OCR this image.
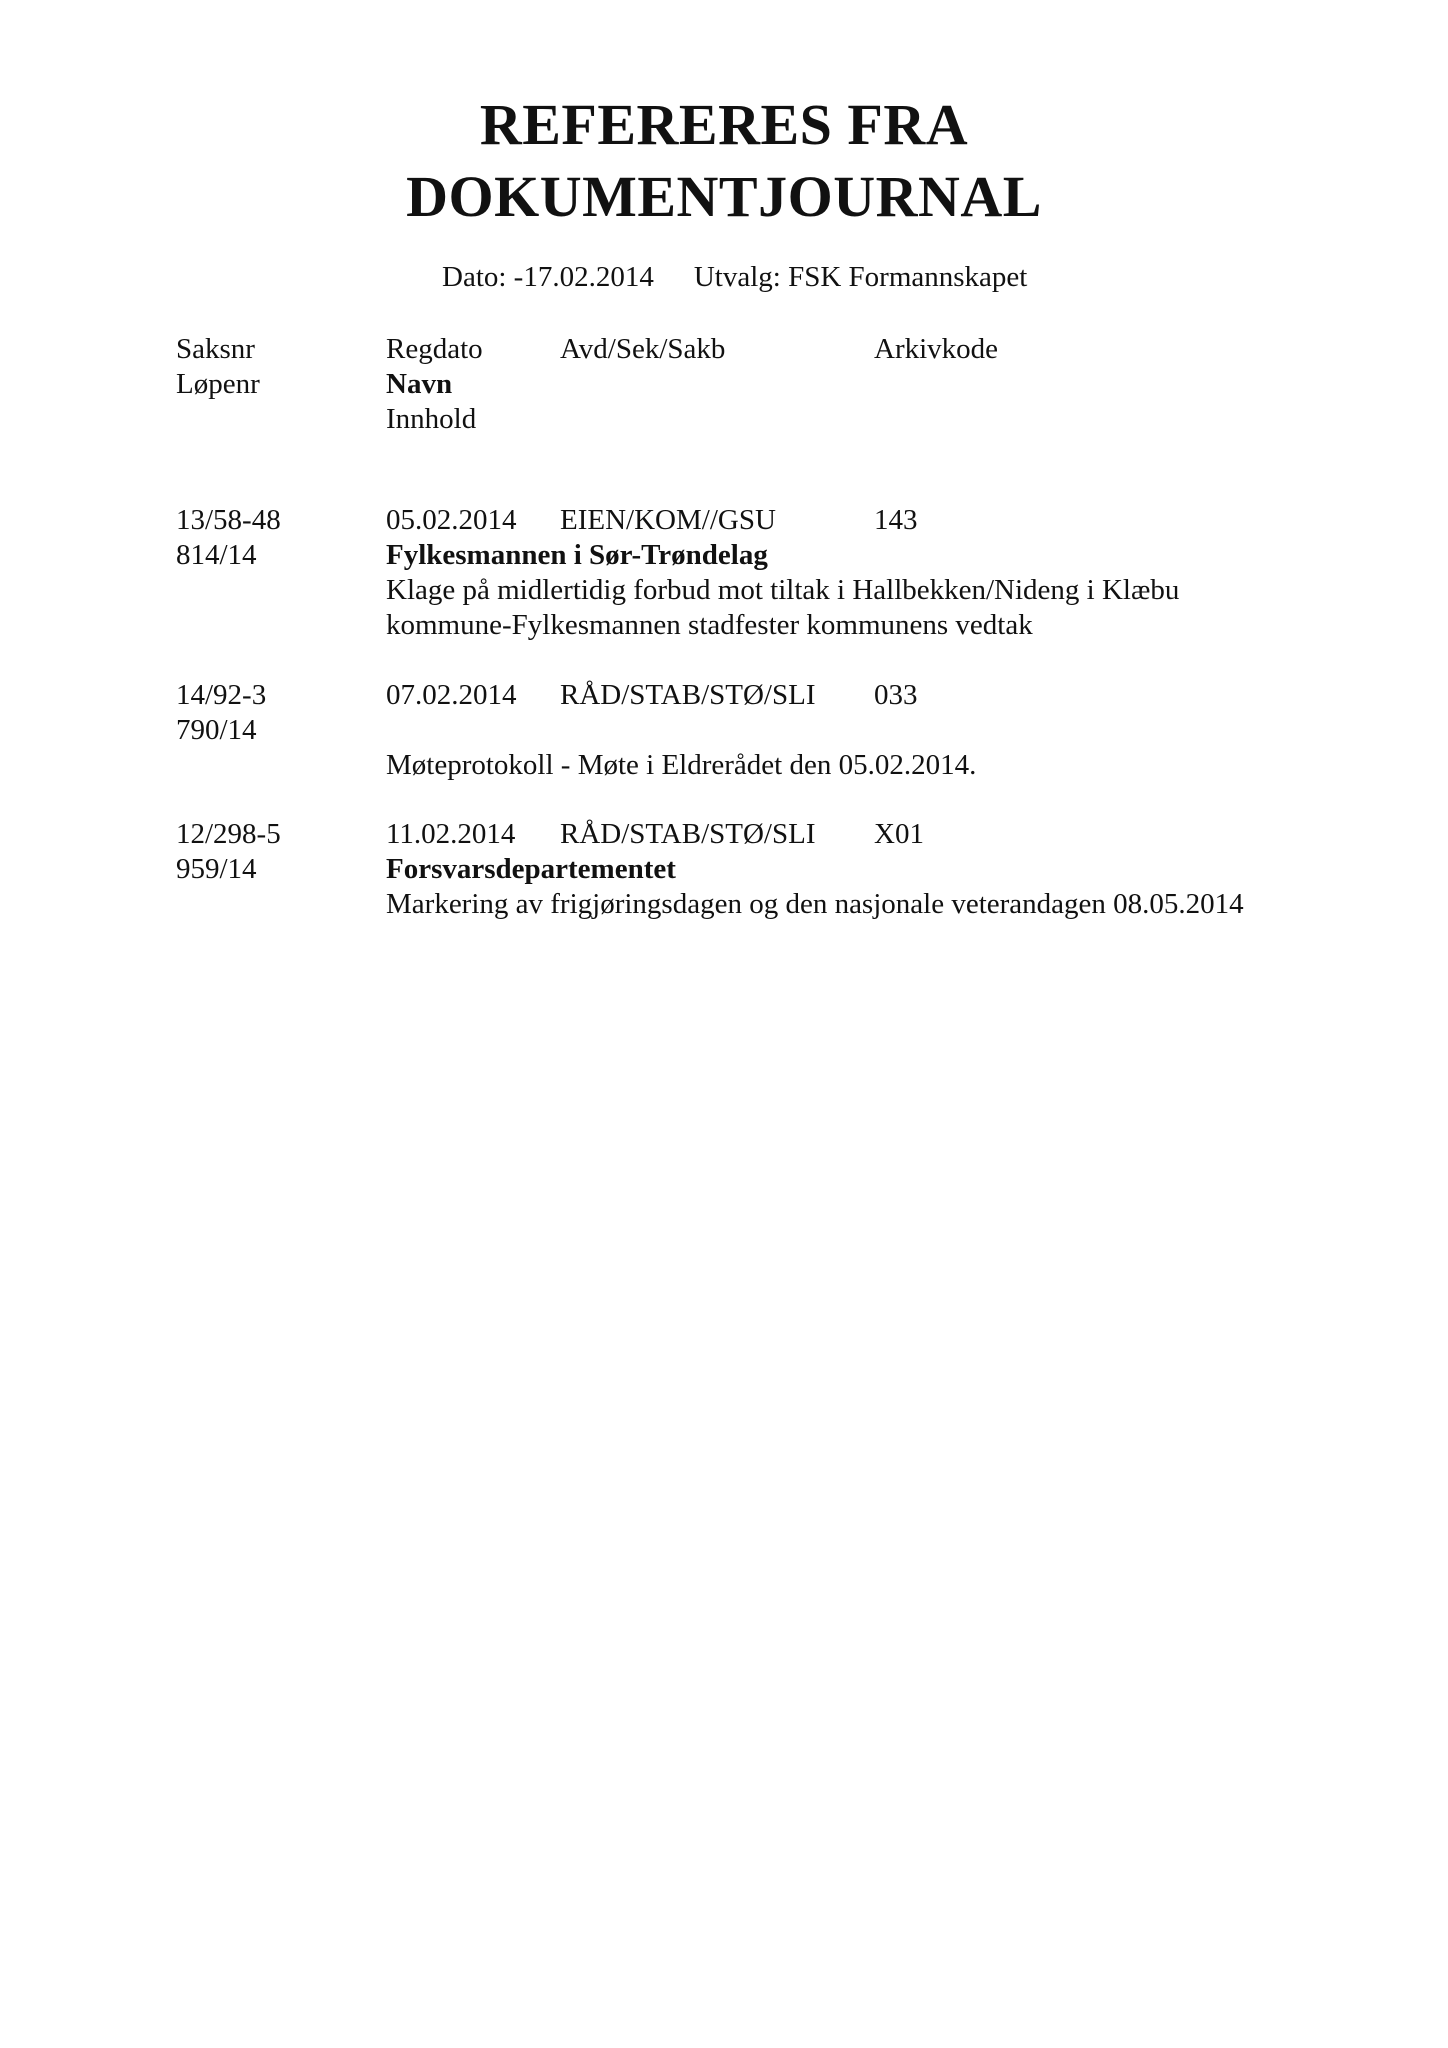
REFERERES FRA
DOKUMENTJOURNAL
Dato: -17.02.2014 Utvalg: FSK Formannskapet
Saksnr	Regdato	Avd/Sek/Sakb	Arkivkode
Løpenr	Navn
Innhold
13/58-48	05.02.2014 EIEN/KOM//GSU	143
814/14	Fylkesmannen i Sør-Trøndelag
Klage på midlertidig forbud mot tiltak i Hallbekken/Nideng i Klæbu
kommune-Fylkesmannen stadfester kommunens vedtak
14/92-3	07.02.2014 RÅD/STAB/STØ/SLI 033
790/14
Møteprotokoll - Møte i Eldrerådet den 05.02.2014.
12/298-5	11.02.2014 RÅD/STAB/STØ/SLI X01
959/14	Forsvarsdepartementet
Markering av frigjøringsdagen og den nasjonale veterandagen 08.05.2014
